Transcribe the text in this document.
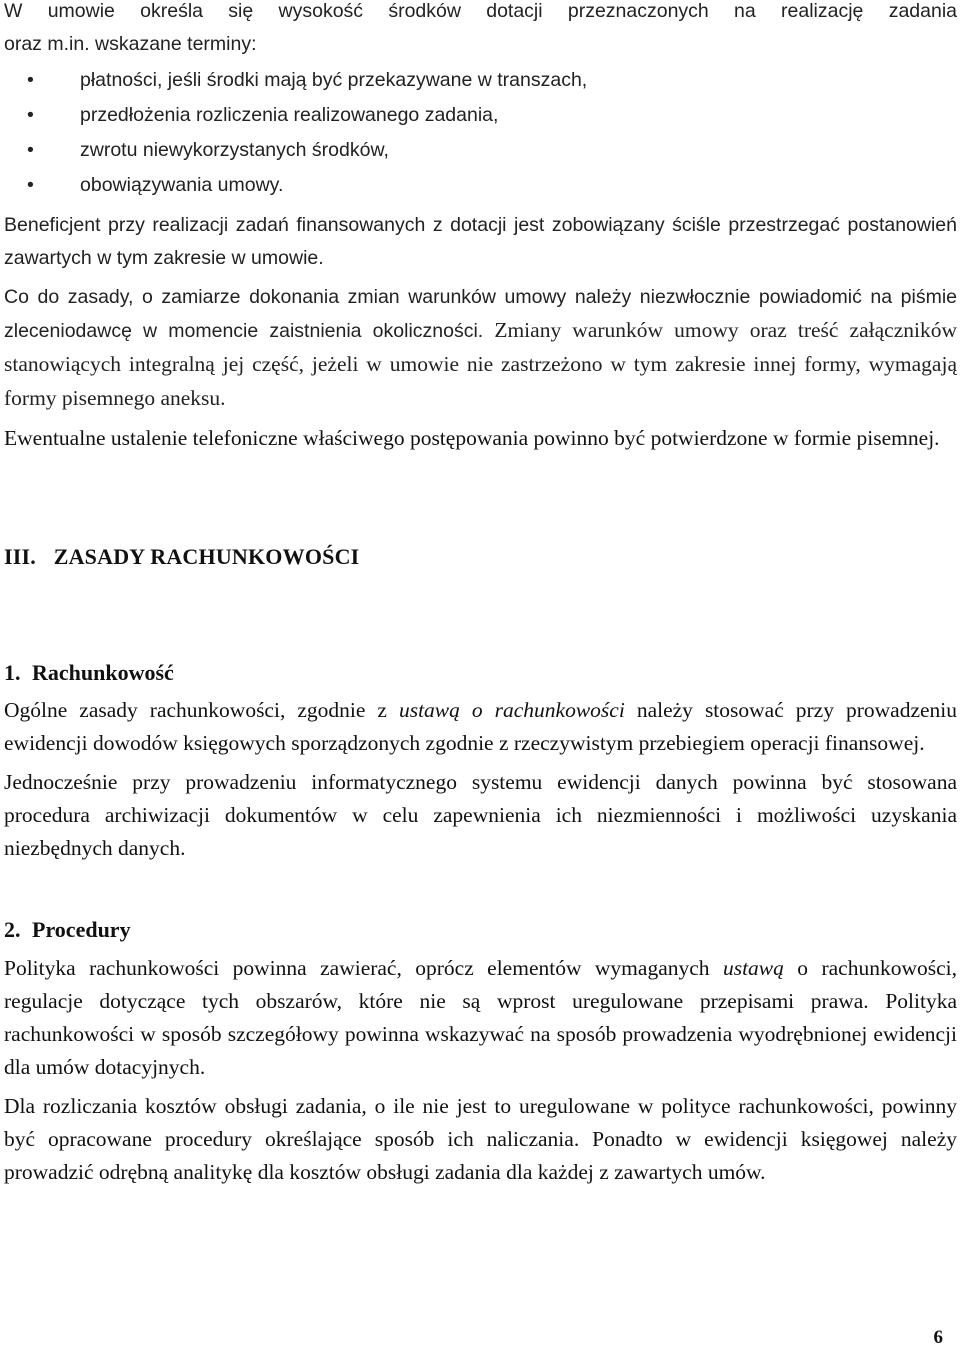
W umowie określa się wysokość środków dotacji przeznaczonych na realizację zadania
oraz m.in. wskazane terminy:

• płatności, jeśli środki mają być przekazywane w transzach,
• przedłożenia rozliczenia realizowanego zadania,
• zwrotu niewykorzystanych środków,
• obowiązywania umowy.

Beneficjent przy realizacji zadań finansowanych z dotacji jest zobowiązany ściśle przestrzegać postanowień zawartych w tym zakresie w umowie.

Co do zasady, o zamiarze dokonania zmian warunków umowy należy niezwłocznie powiadomić na piśmie zleceniodawcę w momencie zaistnienia okoliczności. Zmiany warunków umowy oraz treść załączników stanowiących integralną jej część, jeżeli w umowie nie zastrzeżono w tym zakresie innej formy, wymagają formy pisemnego aneksu.

Ewentualne ustalenie telefoniczne właściwego postępowania powinno być potwierdzone w formie pisemnej.

III. ZASADY RACHUNKOWOŚCI
1. Rachunkowość

Ogólne zasady rachunkowości, zgodnie z ustawą o rachunkowości należy stosować przy prowadzeniu ewidencji dowodów księgowych sporządzonych zgodnie z rzeczywistym przebiegiem operacji finansowej.

Jednocześnie przy prowadzeniu informatycznego systemu ewidencji danych powinna być stosowana procedura archiwizacji dokumentów w celu zapewnienia ich niezmienności i możliwości uzyskania niezbędnych danych.

2. Procedury

Polityka rachunkowości powinna zawierać, oprócz elementów wymaganych ustawą o rachunkowości, regulacje dotyczące tych obszarów, które nie są wprost uregulowane przepisami prawa. Polityka rachunkowości w sposób szczegółowy powinna wskazywać na sposób prowadzenia wyodrębnionej ewidencji dla umów dotacyjnych.

Dla rozliczania kosztów obsługi zadania, o ile nie jest to uregulowane w polityce rachunkowości, powinny być opracowane procedury określające sposób ich naliczania. Ponadto w ewidencji księgowej należy prowadzić odrębną analitykę dla kosztów obsługi zadania dla każdej z zawartych umów.

6
